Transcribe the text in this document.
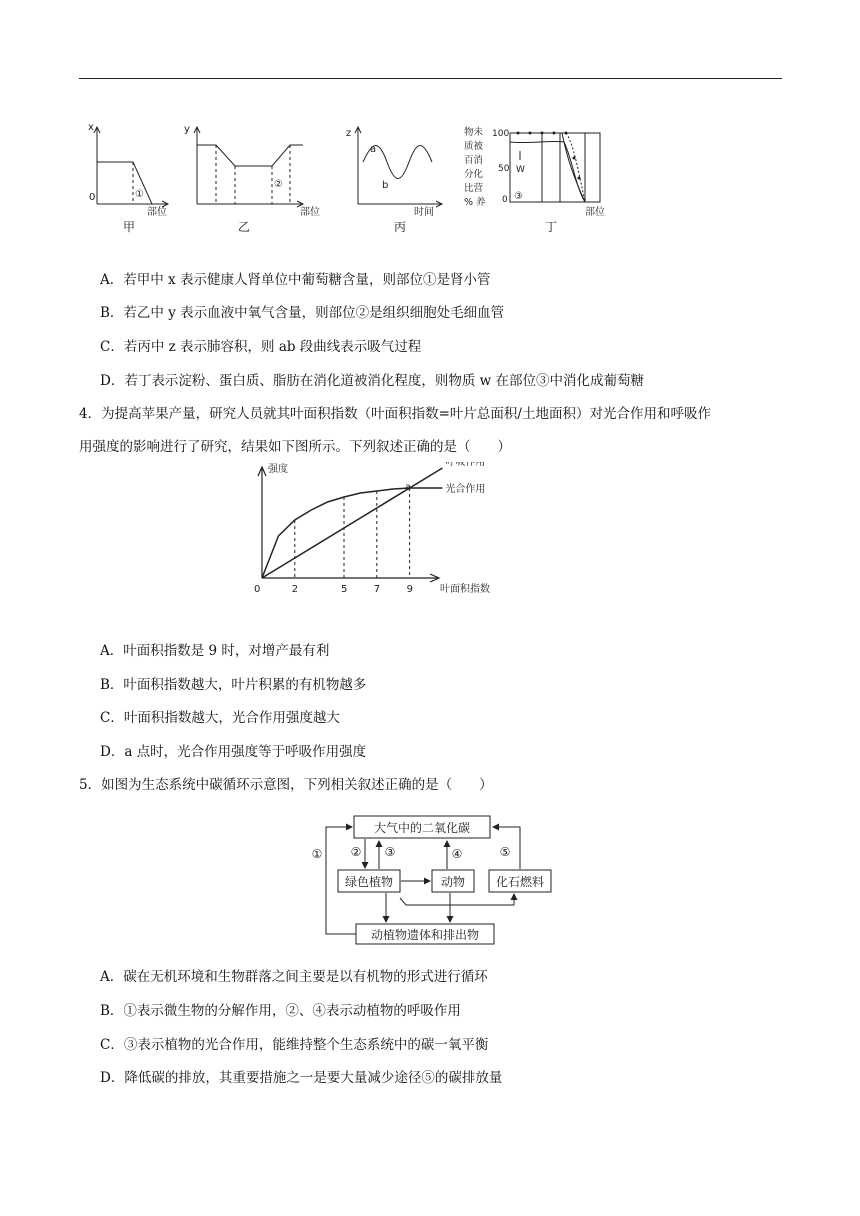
x
0	①
部位
甲
y
②
部位
乙
z
a
b
时间
丙
物未
质被
百消
分化
比营
% 养
100
50
0
W
③
部位
丁
A．若甲中 x 表示健康人肾单位中葡萄糖含量，则部位①是肾小管
B．若乙中 y 表示血液中氧气含量，则部位②是组织细胞处毛细血管
C．若丙中 z 表示肺容积，则 ab 段曲线表示吸气过程
D．若丁表示淀粉、蛋白质、脂肪在消化道被消化程度，则物质 w 在部位③中消化成葡萄糖
4．为提高苹果产量，研究人员就其叶面积指数（叶面积指数=叶片总面积/土地面积）对光合作用和呼吸作
用强度的影响进行了研究，结果如下图所示。下列叙述正确的是（　　）
强度
0	叶面积指数
a
2	5	7	9
呼吸作用
光合作用
A．叶面积指数是 9 时，对增产最有利
B．叶面积指数越大，叶片积累的有机物越多
C．叶面积指数越大，光合作用强度越大
D．a 点时，光合作用强度等于呼吸作用强度
5．如图为生态系统中碳循环示意图，下列相关叙述正确的是（　　）
大气中的二氧化碳
绿色植物	动物	化石燃料
动植物遗体和排出物
① ② ③	④	⑤
A．碳在无机环境和生物群落之间主要是以有机物的形式进行循环
B．①表示微生物的分解作用，②、④表示动植物的呼吸作用
C．③表示植物的光合作用，能维持整个生态系统中的碳一氧平衡
D．降低碳的排放，其重要措施之一是要大量减少途径⑤的碳排放量
